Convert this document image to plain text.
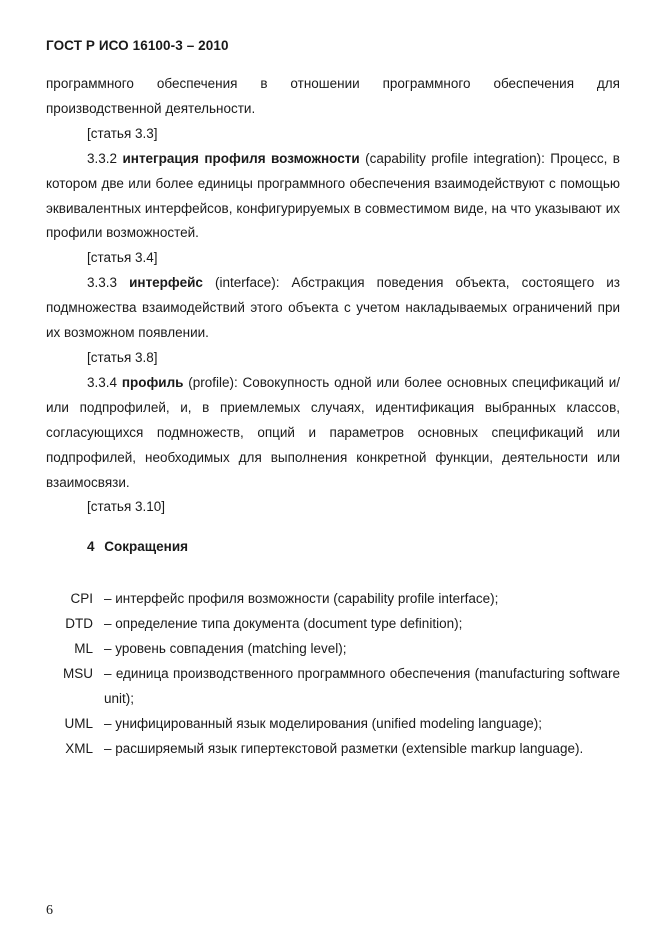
ГОСТ Р ИСО 16100-3 – 2010

программного обеспечения в отношении программного обеспечения для производственной деятельности.

[статья 3.3]

3.3.2 интеграция профиля возможности (capability profile integration): Процесс, в котором две или более единицы программного обеспечения взаимодействуют с помощью эквивалентных интерфейсов, конфигурируемых в совместимом виде, на что указывают их профили возможностей.

[статья 3.4]

3.3.3 интерфейс (interface): Абстракция поведения объекта, состоящего из подмножества взаимодействий этого объекта с учетом накладываемых ограничений при их возможном появлении.

[статья 3.8]

3.3.4 профиль (profile): Совокупность одной или более основных спецификаций и/или подпрофилей, и, в приемлемых случаях, идентификация выбранных классов, согласующихся подмножеств, опций и параметров основных спецификаций или подпрофилей, необходимых для выполнения конкретной функции, деятельности или взаимосвязи.

[статья 3.10]

4 Сокращения

CPI – интерфейс профиля возможности (capability profile interface);
DTD – определение типа документа (document type definition);
ML – уровень совпадения (matching level);
MSU – единица производственного программного обеспечения (manufacturing software unit);
UML – унифицированный язык моделирования (unified modeling language);
XML – расширяемый язык гипертекстовой разметки (extensible markup language).
6
